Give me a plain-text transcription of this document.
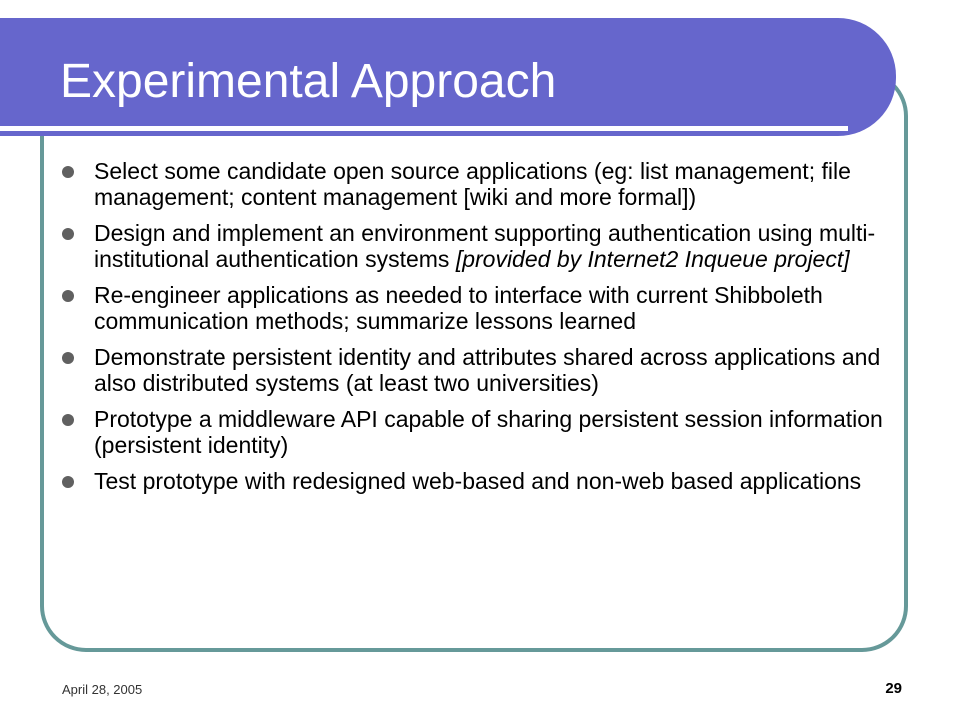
Experimental Approach
Select some candidate open source applications (eg: list management; file management; content management [wiki and more formal])
Design and implement an environment supporting authentication using multi-institutional authentication systems [provided by Internet2 Inqueue project]
Re-engineer applications as needed to interface with current Shibboleth communication methods; summarize lessons learned
Demonstrate persistent identity and attributes shared across applications and also distributed systems (at least two universities)
Prototype a middleware API capable of sharing persistent session information (persistent identity)
Test prototype with redesigned web-based and non-web based applications
April 28, 2005	29
